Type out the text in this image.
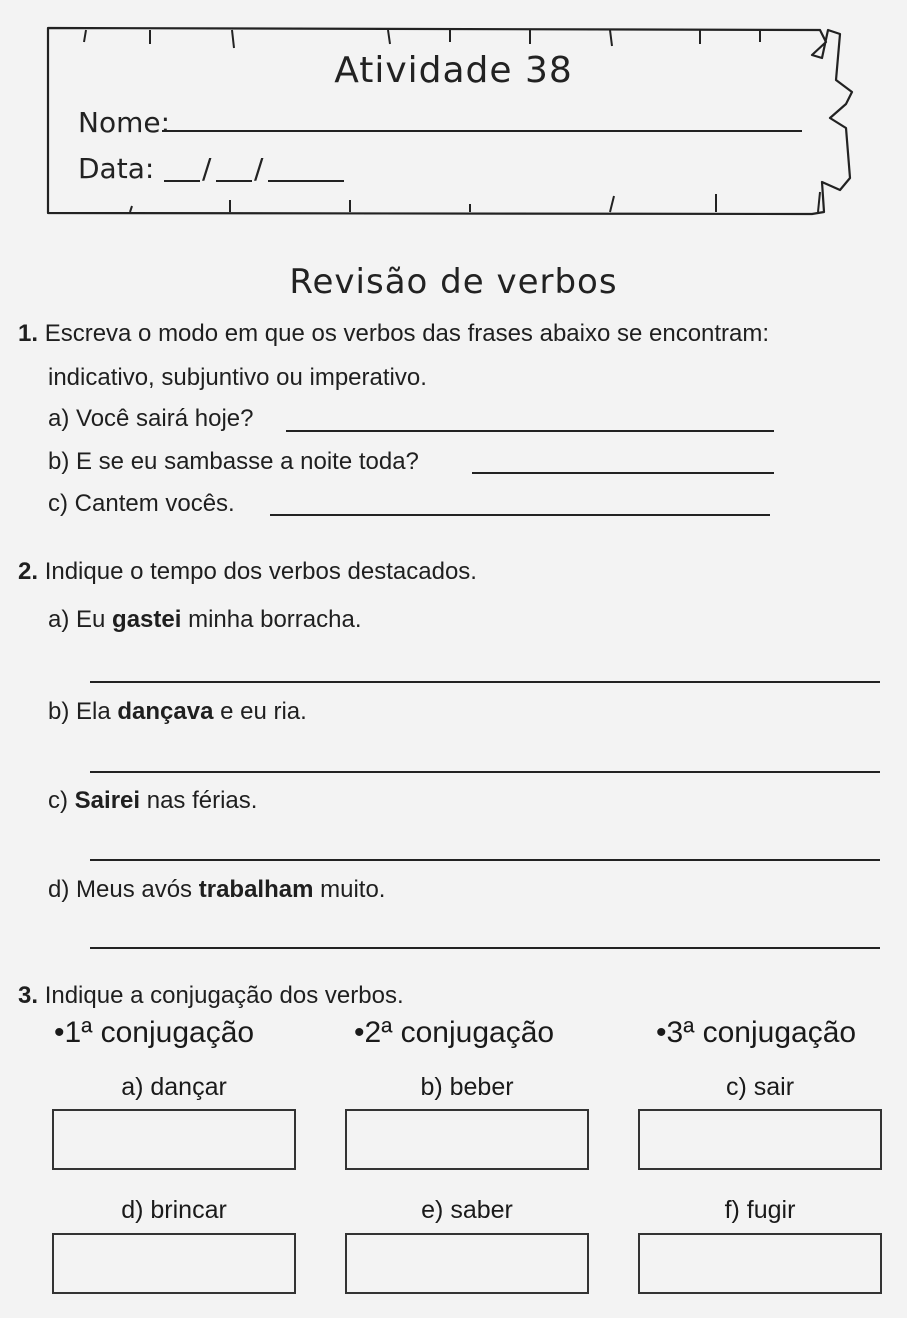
Atividade 38
Nome:
Data: / /
Revisão de verbos
1. Escreva o modo em que os verbos das frases abaixo se encontram:
indicativo, subjuntivo ou imperativo.
a) Você sairá hoje?
b) E se eu sambasse a noite toda?
c) Cantem vocês.
2. Indique o tempo dos verbos destacados.
a) Eu gastei minha borracha.
b) Ela dançava e eu ria.
c) Sairei nas férias.
d) Meus avós trabalham muito.
3. Indique a conjugação dos verbos.
•1ª conjugação	•2ª conjugação	•3ª conjugação
a) dançar	b) beber	c) sair
d) brincar	e) saber	f) fugir
